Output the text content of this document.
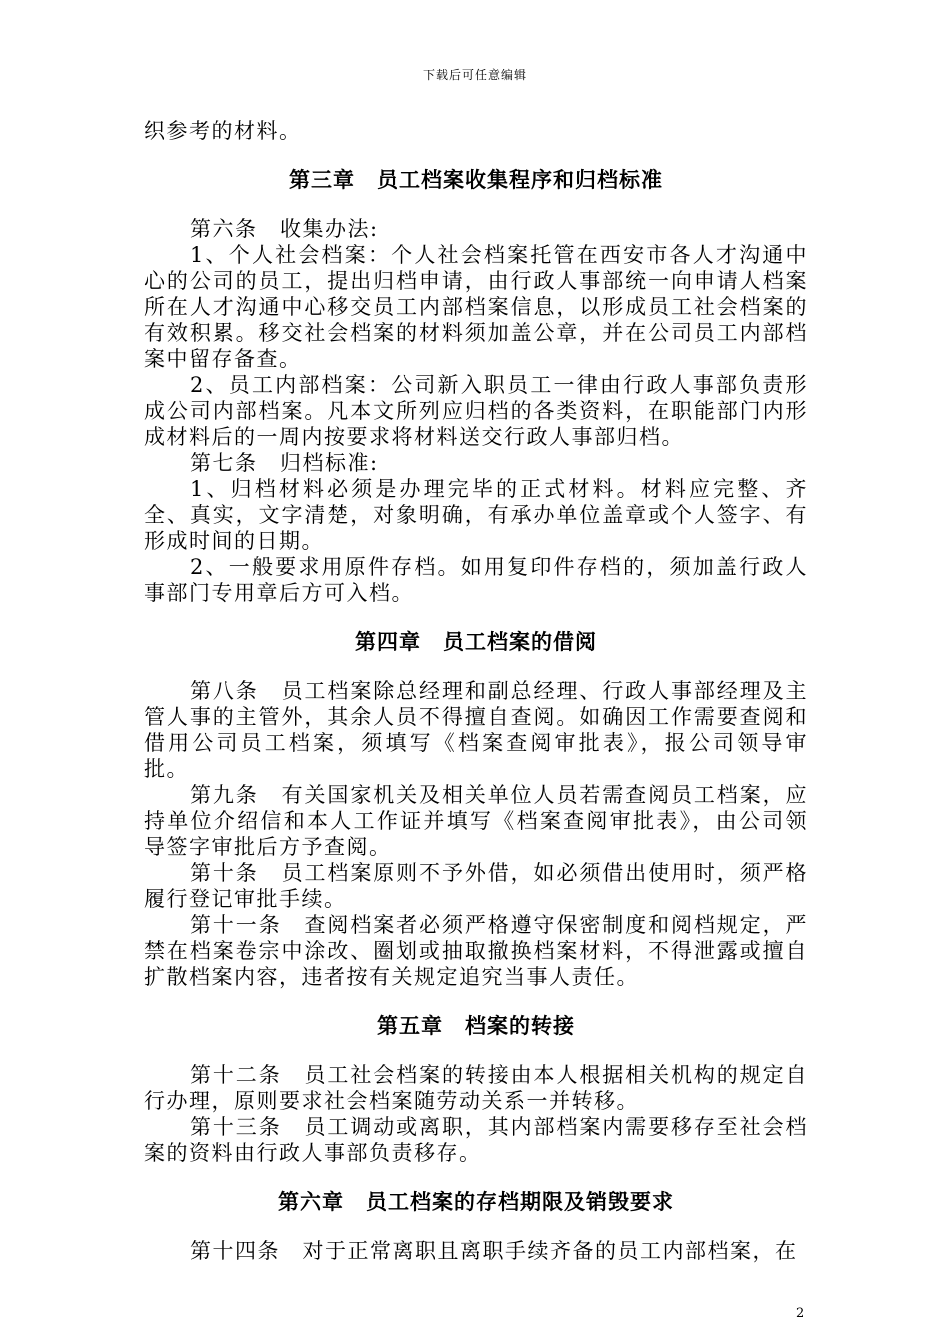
下载后可任意编辑

织参考的材料。

第三章　员工档案收集程序和归档标准

第六条　收集办法:

1、个人社会档案：个人社会档案托管在西安市各人才沟通中心的公司的员工，提出归档申请，由行政人事部统一向申请人档案所在人才沟通中心移交员工内部档案信息，以形成员工社会档案的有效积累。移交社会档案的材料须加盖公章，并在公司员工内部档案中留存备查。

2、员工内部档案：公司新入职员工一律由行政人事部负责形成公司内部档案。凡本文所列应归档的各类资料，在职能部门内形成材料后的一周内按要求将材料送交行政人事部归档。

第七条　归档标准:

1、归档材料必须是办理完毕的正式材料。材料应完整、齐全、真实，文字清楚，对象明确，有承办单位盖章或个人签字、有形成时间的日期。

2、一般要求用原件存档。如用复印件存档的，须加盖行政人事部门专用章后方可入档。

第四章　员工档案的借阅

第八条　员工档案除总经理和副总经理、行政人事部经理及主管人事的主管外，其余人员不得擅自查阅。如确因工作需要查阅和借用公司员工档案，须填写《档案查阅审批表》，报公司领导审批。

第九条　有关国家机关及相关单位人员若需查阅员工档案，应持单位介绍信和本人工作证并填写《档案查阅审批表》，由公司领导签字审批后方予查阅。

第十条　员工档案原则不予外借，如必须借出使用时，须严格履行登记审批手续。

第十一条　查阅档案者必须严格遵守保密制度和阅档规定，严禁在档案卷宗中涂改、圈划或抽取撤换档案材料，不得泄露或擅自扩散档案内容，违者按有关规定追究当事人责任。

第五章　档案的转接

第十二条　员工社会档案的转接由本人根据相关机构的规定自行办理，原则要求社会档案随劳动关系一并转移。

第十三条　员工调动或离职，其内部档案内需要移存至社会档案的资料由行政人事部负责移存。

第六章　员工档案的存档期限及销毁要求

第十四条　对于正常离职且离职手续齐备的员工内部档案，在

2
